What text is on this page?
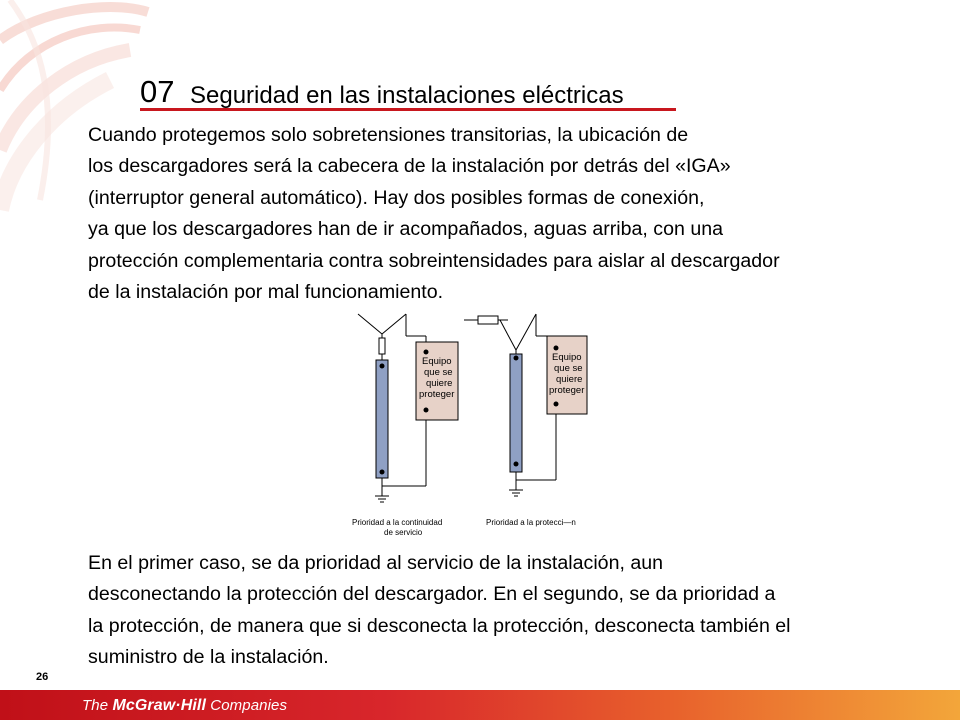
07 Seguridad en las instalaciones eléctricas
Cuando protegemos solo sobretensiones transitorias, la ubicación de
los descargadores será la cabecera de la instalación por detrás del «IGA»
(interruptor general automático). Hay dos posibles formas de conexión,
ya que los descargadores han de ir acompañados, aguas arriba, con una
protección complementaria contra sobreintensidades para aislar al descargador
de la instalación por mal funcionamiento.
Equipo
que se
quiere
proteger
Prioridad a la continuidad
de servicio
Equipo
que se
quiere
proteger
Prioridad a la protecci—n
En el primer caso, se da prioridad al servicio de la instalación, aun
desconectando la protección del descargador. En el segundo, se da prioridad a
la protección, de manera que si desconecta la protección, desconecta también el
suministro de la instalación.
26
The McGraw·Hill Companies
